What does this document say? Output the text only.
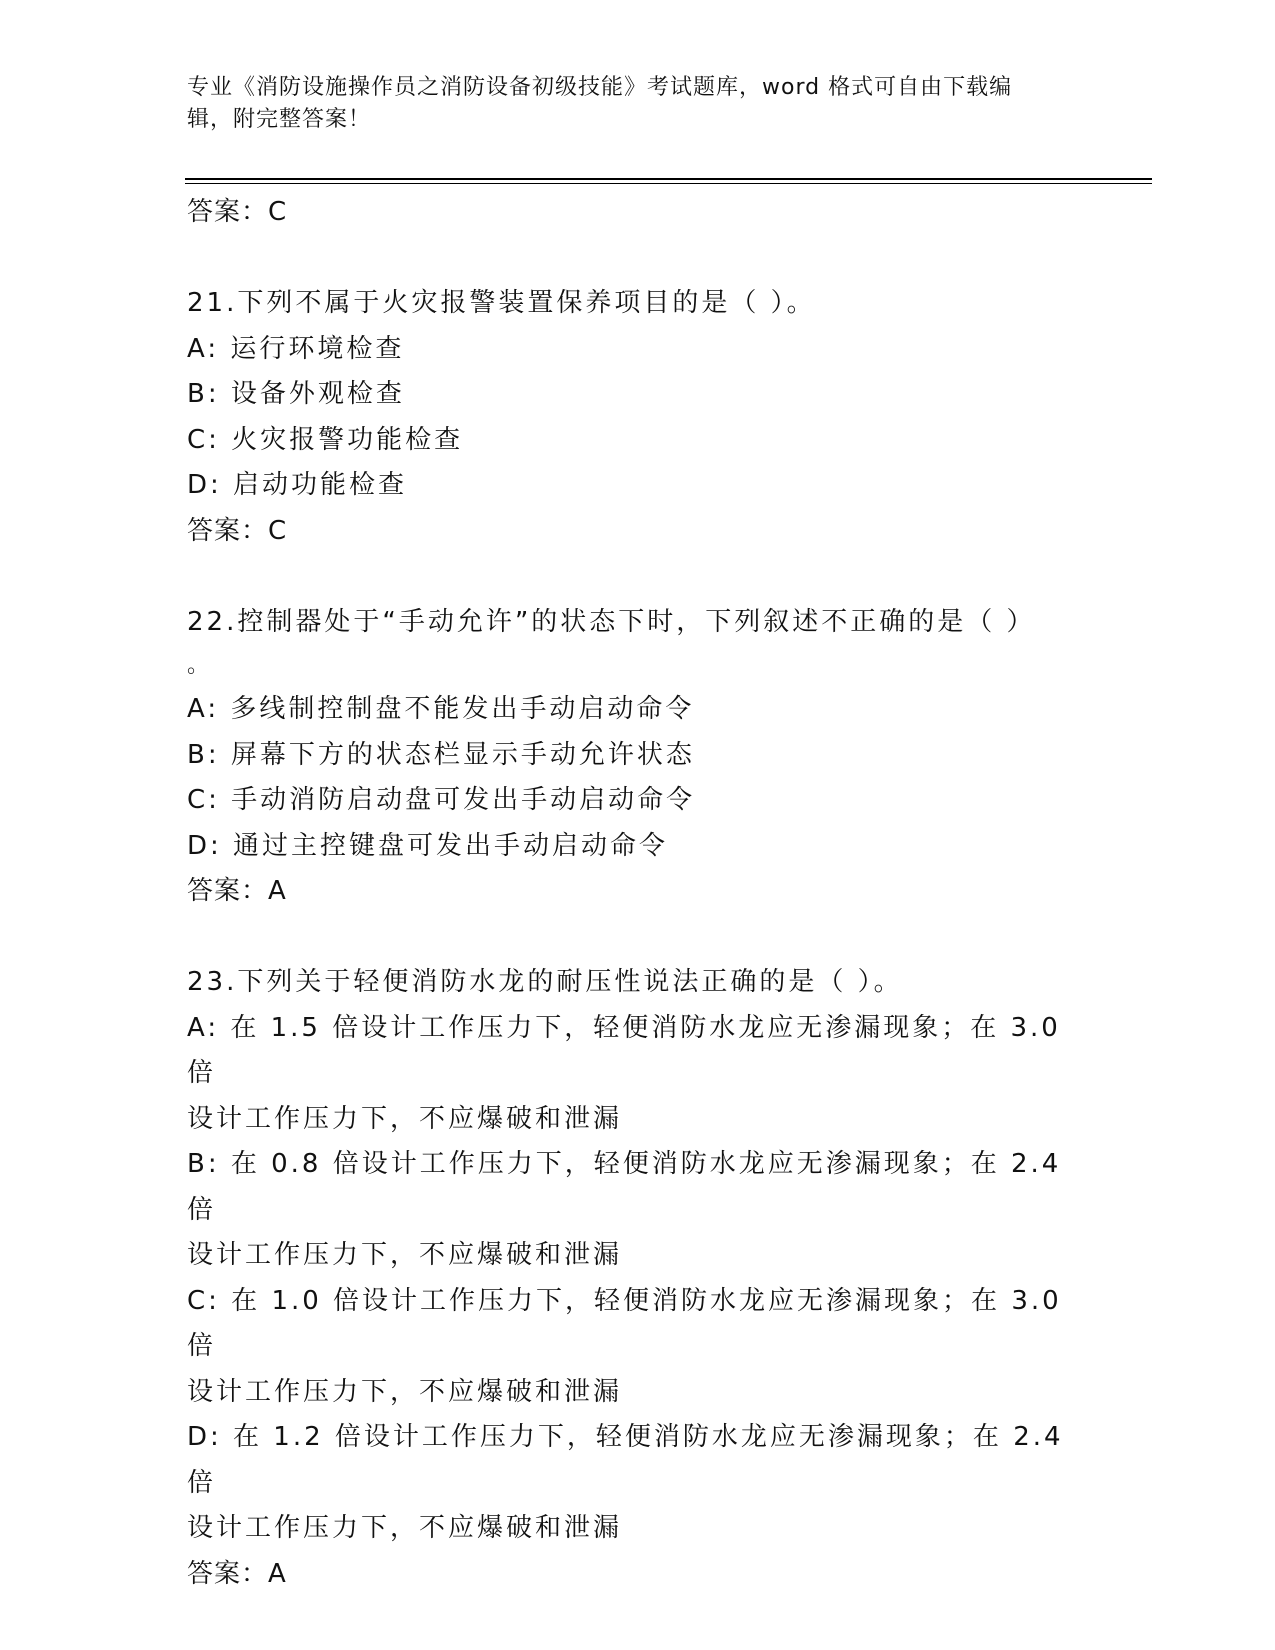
专业《消防设施操作员之消防设备初级技能》考试题库，word 格式可自由下载编
辑，附完整答案！

答案：C

21.下列不属于火灾报警装置保养项目的是（ ）。

A: 运行环境检查

B: 设备外观检查

C: 火灾报警功能检查

D: 启动功能检查

答案：C

22.控制器处于“手动允许”的状态下时，下列叙述不正确的是（ ）

。

A: 多线制控制盘不能发出手动启动命令

B: 屏幕下方的状态栏显示手动允许状态

C: 手动消防启动盘可发出手动启动命令

D: 通过主控键盘可发出手动启动命令

答案：A

23.下列关于轻便消防水龙的耐压性说法正确的是（ ）。

A: 在 1.5 倍设计工作压力下，轻便消防水龙应无渗漏现象；在 3.0 倍

设计工作压力下，不应爆破和泄漏

B: 在 0.8 倍设计工作压力下，轻便消防水龙应无渗漏现象；在 2.4 倍

设计工作压力下，不应爆破和泄漏

C: 在 1.0 倍设计工作压力下，轻便消防水龙应无渗漏现象；在 3.0 倍

设计工作压力下，不应爆破和泄漏

D: 在 1.2 倍设计工作压力下，轻便消防水龙应无渗漏现象；在 2.4 倍

设计工作压力下，不应爆破和泄漏

答案：A
